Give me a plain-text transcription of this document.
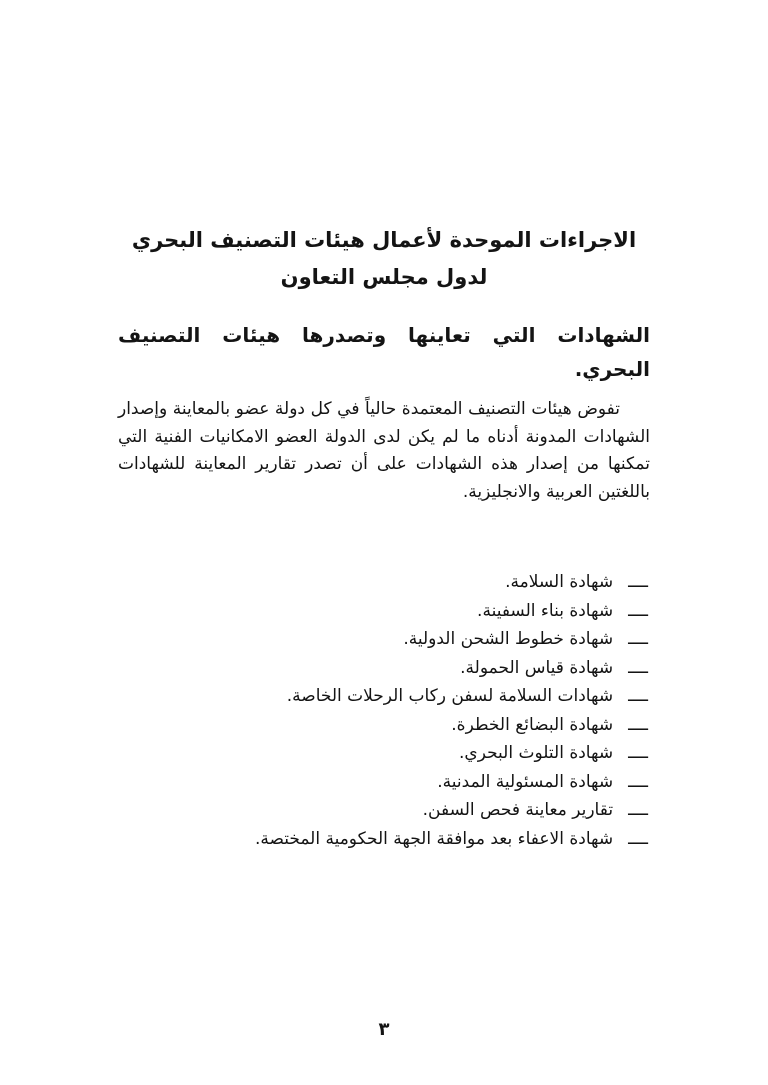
الاجراءات الموحدة لأعمال هيئات التصنيف البحري
لدول مجلس التعاون
الشهادات التي تعاينها وتصدرها هيئات التصنيف
البحري.

تفوض هيئات التصنيف المعتمدة حالياً في كل دولة عضو بالمعاينة وإصدار الشهادات المدونة أدناه ما لم يكن لدى الدولة العضو الامكانيات الفنية التي تمكنها من إصدار هذه الشهادات على أن تصدر تقارير المعاينة للشهادات باللغتين العربية والانجليزية.

ــــ
شهادة السلامة.
ــــ
شهادة بناء السفينة.
ــــ
شهادة خطوط الشحن الدولية.
ــــ
شهادة قياس الحمولة.
ــــ
شهادات السلامة لسفن ركاب الرحلات الخاصة.
ــــ
شهادة البضائع الخطرة.
ــــ
شهادة التلوث البحري.
ــــ
شهادة المسئولية المدنية.
ــــ
تقارير معاينة فحص السفن.
ــــ
شهادة الاعفاء بعد موافقة الجهة الحكومية المختصة.
٣
